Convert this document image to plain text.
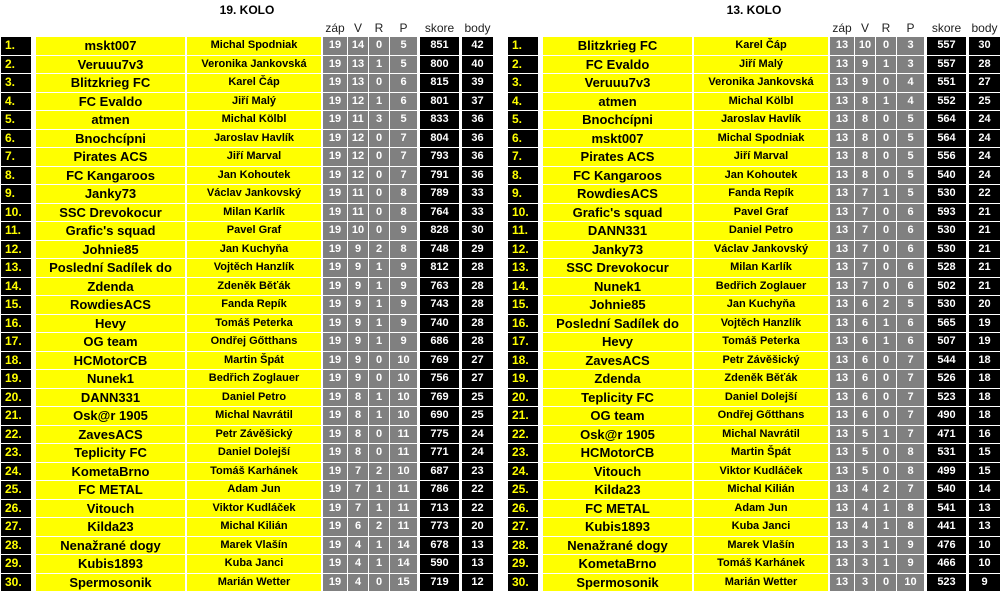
19. KOLO
záp V	R	P	skore body
1.	mskt007	Michal Spodniak	19 14	0	5	851	42
2.	Veruuu7v3	Veronika Jankovská	19 13	1	5	800	40
3.	Blitzkrieg FC	Karel Čáp	19 13	0	6	815	39
4.	FC Evaldo	Jiří Malý	19 12	1	6	801	37
5.	atmen	Michal Kölbl	19	11	3	5	833	36
6.	Bnochcípni	Jaroslav Havlík	19 12	0	7	804	36
7.	Pirates ACS	Jiří Marval	19 12	0	7	793	36
8.	FC Kangaroos	Jan Kohoutek	19 12	0	7	791	36
9.	Janky73	Václav Jankovský	19	11	0	8	789	33
10.	SSC Drevokocur	Milan Karlík	19	11	0	8	764	33
11.	Grafic's squad	Pavel Graf	19 10	0	9	828	30
12.	Johnie85	Jan Kuchyňa	19	9	2	8	748	29
13.	Poslední Sadílek do	Vojtěch Hanzlík	19	9	1	9	812	28
14.	Zdenda	Zdeněk Běťák	19	9	1	9	763	28
15.	RowdiesACS	Fanda Repík	19	9	1	9	743	28
16.	Hevy	Tomáš Peterka	19	9	1	9	740	28
17.	OG team	Ondřej Gőtthans	19	9	1	9	686	28
18.	HCMotorCB	Martin Špát	19	9	0	10	769	27
19.	Nunek1	Bedřich Zoglauer	19	9	0	10	756	27
20.	DANN331	Daniel Petro	19	8	1	10	769	25
21.	Osk@r 1905	Michal Navrátil	19	8	1	10	690	25
22.	ZavesACS	Petr Závěšický	19	8	0	11	775	24
23.	Teplicity FC	Daniel Dolejší	19	8	0	11	771	24
24.	KometaBrno	Tomáš Karhánek	19	7	2	10	687	23
25.	FC METAL	Adam Jun	19	7	1	11	786	22
26.	Vitouch	Viktor Kudláček	19	7	1	11	713	22
27.	Kilda23	Michal Kilián	19	6	2	11	773	20
28.	Nenažrané dogy	Marek Vlašín	19	4	1	14	678	13
29.	Kubis1893	Kuba Janci	19	4	1	14	590	13
30.	Spermosonik	Marián Wetter	19	4	0	15	719	12
13. KOLO
záp V	R	P	skore body
1.	Blitzkrieg FC	Karel Čáp	13 10	0	3	557	30
2.	FC Evaldo	Jiří Malý	13	9	1	3	557	28
3.	Veruuu7v3	Veronika Jankovská	13	9	0	4	551	27
4.	atmen	Michal Kölbl	13	8	1	4	552	25
5.	Bnochcípni	Jaroslav Havlík	13	8	0	5	564	24
6.	mskt007	Michal Spodniak	13	8	0	5	564	24
7.	Pirates ACS	Jiří Marval	13	8	0	5	556	24
8.	FC Kangaroos	Jan Kohoutek	13	8	0	5	540	24
9.	RowdiesACS	Fanda Repík	13	7	1	5	530	22
10.	Grafic's squad	Pavel Graf	13	7	0	6	593	21
11.	DANN331	Daniel Petro	13	7	0	6	530	21
12.	Janky73	Václav Jankovský	13	7	0	6	530	21
13.	SSC Drevokocur	Milan Karlík	13	7	0	6	528	21
14.	Nunek1	Bedřich Zoglauer	13	7	0	6	502	21
15.	Johnie85	Jan Kuchyňa	13	6	2	5	530	20
16.	Poslední Sadílek do	Vojtěch Hanzlík	13	6	1	6	565	19
17.	Hevy	Tomáš Peterka	13	6	1	6	507	19
18.	ZavesACS	Petr Závěšický	13	6	0	7	544	18
19.	Zdenda	Zdeněk Běťák	13	6	0	7	526	18
20.	Teplicity FC	Daniel Dolejší	13	6	0	7	523	18
21.	OG team	Ondřej Gőtthans	13	6	0	7	490	18
22.	Osk@r 1905	Michal Navrátil	13	5	1	7	471	16
23.	HCMotorCB	Martin Špát	13	5	0	8	531	15
24.	Vitouch	Viktor Kudláček	13	5	0	8	499	15
25.	Kilda23	Michal Kilián	13	4	2	7	540	14
26.	FC METAL	Adam Jun	13	4	1	8	541	13
27.	Kubis1893	Kuba Janci	13	4	1	8	441	13
28.	Nenažrané dogy	Marek Vlašín	13	3	1	9	476	10
29.	KometaBrno	Tomáš Karhánek	13	3	1	9	466	10
30.	Spermosonik	Marián Wetter	13	3	0	10	523	9
